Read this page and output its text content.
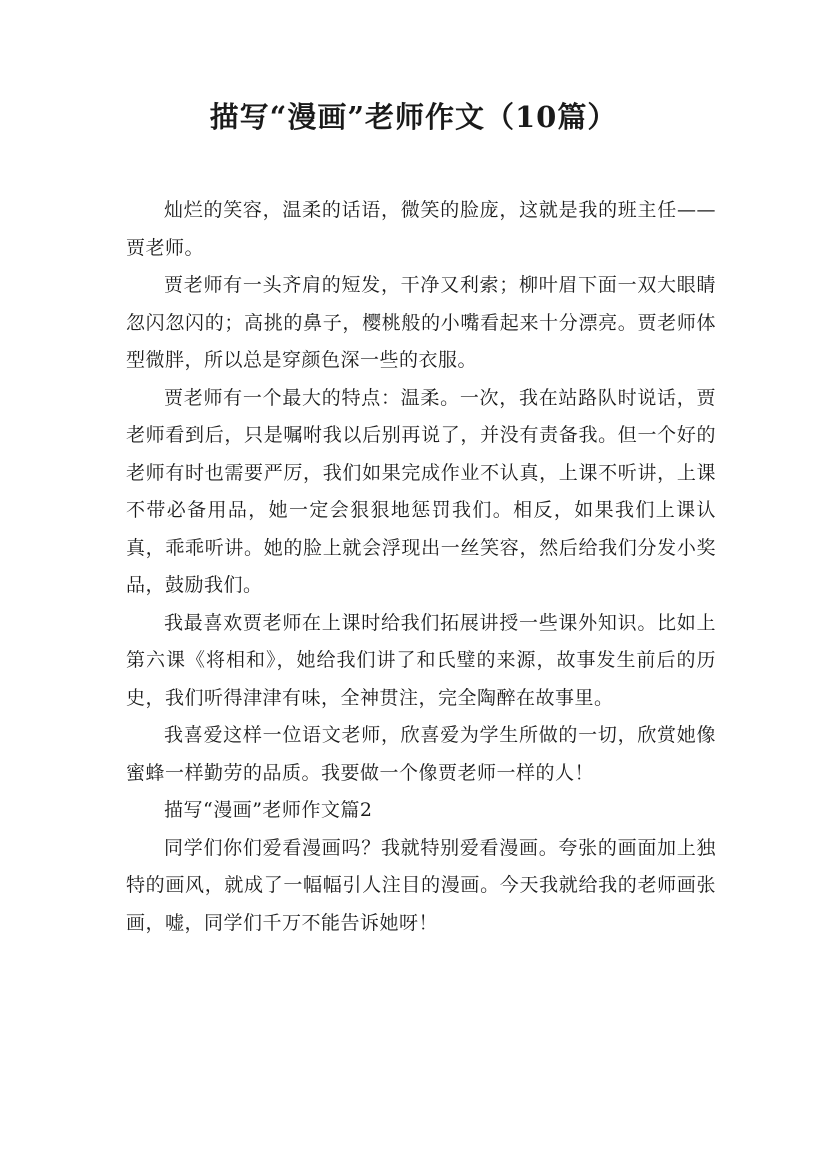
描写“漫画”老师作文（10篇）

灿烂的笑容，温柔的话语，微笑的脸庞，这就是我的班主任——贾老师。

贾老师有一头齐肩的短发，干净又利索；柳叶眉下面一双大眼睛忽闪忽闪的；高挑的鼻子，樱桃般的小嘴看起来十分漂亮。贾老师体型微胖，所以总是穿颜色深一些的衣服。

贾老师有一个最大的特点：温柔。一次，我在站路队时说话，贾老师看到后，只是嘱咐我以后别再说了，并没有责备我。但一个好的老师有时也需要严厉，我们如果完成作业不认真，上课不听讲，上课不带必备用品，她一定会狠狠地惩罚我们。相反，如果我们上课认真，乖乖听讲。她的脸上就会浮现出一丝笑容，然后给我们分发小奖品，鼓励我们。

我最喜欢贾老师在上课时给我们拓展讲授一些课外知识。比如上第六课《将相和》，她给我们讲了和氏璧的来源，故事发生前后的历史，我们听得津津有味，全神贯注，完全陶醉在故事里。

我喜爱这样一位语文老师，欣喜爱为学生所做的一切，欣赏她像蜜蜂一样勤劳的品质。我要做一个像贾老师一样的人！

描写“漫画”老师作文篇2

同学们你们爱看漫画吗？我就特别爱看漫画。夸张的画面加上独特的画风，就成了一幅幅引人注目的漫画。今天我就给我的老师画张画，嘘，同学们千万不能告诉她呀！
